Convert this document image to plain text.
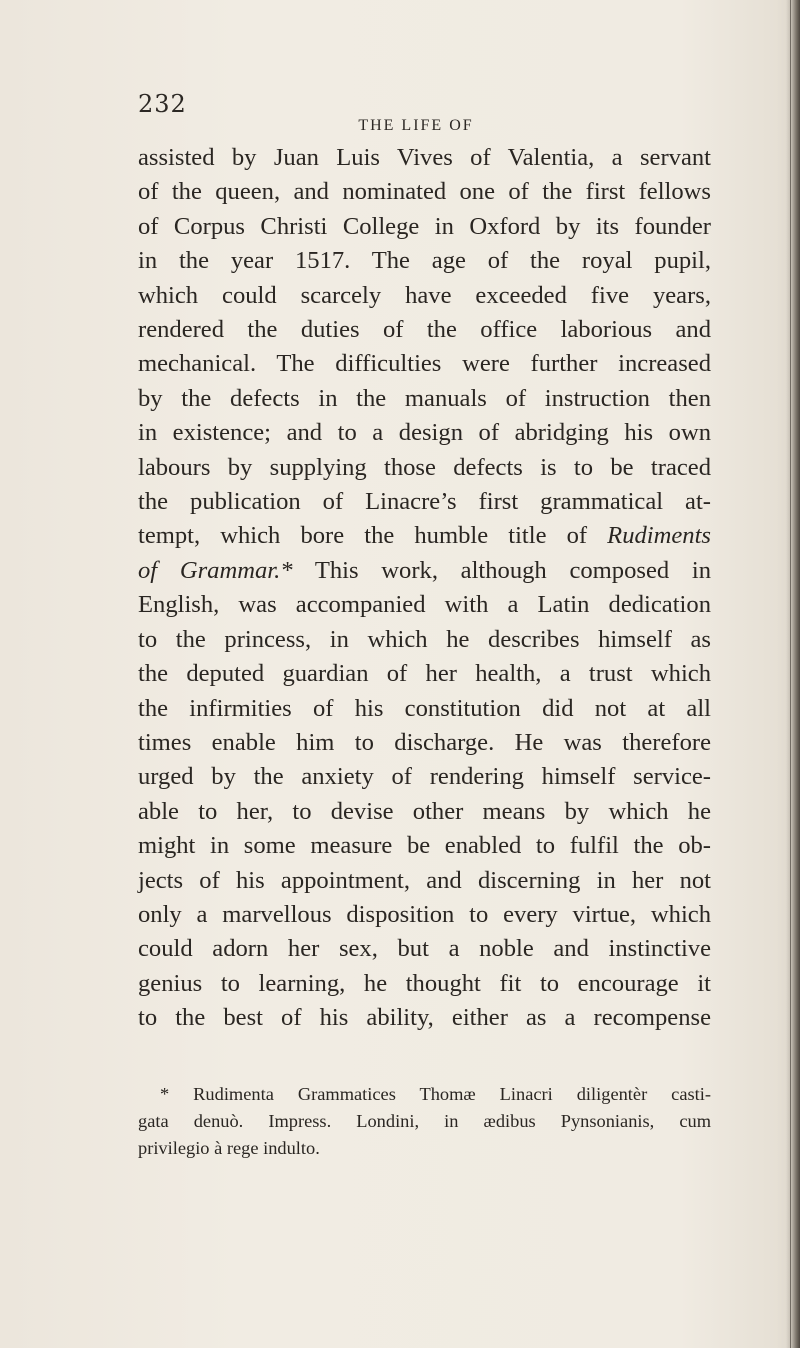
232
THE LIFE OF
assisted by Juan Luis Vives of Valentia, a servant
of the queen, and nominated one of the first fellows
of Corpus Christi College in Oxford by its founder
in the year 1517. The age of the royal pupil,
which could scarcely have exceeded five years,
rendered the duties of the office laborious and
mechanical. The difficulties were further increased
by the defects in the manuals of instruction then
in existence; and to a design of abridging his own
labours by supplying those defects is to be traced
the publication of Linacre’s first grammatical at-
tempt, which bore the humble title of Rudiments
of Grammar.* This work, although composed in
English, was accompanied with a Latin dedication
to the princess, in which he describes himself as
the deputed guardian of her health, a trust which
the infirmities of his constitution did not at all
times enable him to discharge. He was therefore
urged by the anxiety of rendering himself service-
able to her, to devise other means by which he
might in some measure be enabled to fulfil the ob-
jects of his appointment, and discerning in her not
only a marvellous disposition to every virtue, which
could adorn her sex, but a noble and instinctive
genius to learning, he thought fit to encourage it
to the best of his ability, either as a recompense
* Rudimenta Grammatices Thomæ Linacri diligentèr casti-
gata denuò. Impress. Londini, in ædibus Pynsonianis, cum
privilegio à rege indulto.
